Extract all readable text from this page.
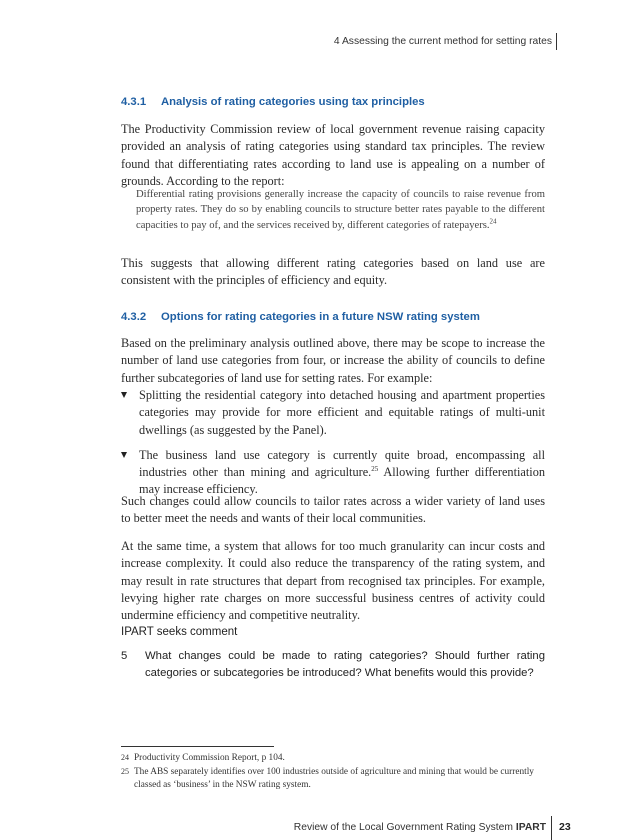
4 Assessing the current method for setting rates
4.3.1 Analysis of rating categories using tax principles

The Productivity Commission review of local government revenue raising capacity provided an analysis of rating categories using standard tax principles. The review found that differentiating rates according to land use is appealing on a number of grounds. According to the report:

Differential rating provisions generally increase the capacity of councils to raise revenue from property rates. They do so by enabling councils to structure better rates payable to the different capacities to pay of, and the services received by, different categories of ratepayers.$^{24}$

This suggests that allowing different rating categories based on land use are consistent with the principles of efficiency and equity.

4.3.2 Options for rating categories in a future NSW rating system

Based on the preliminary analysis outlined above, there may be scope to increase the number of land use categories from four, or increase the ability of councils to define further subcategories of land use for setting rates. For example:

Splitting the residential category into detached housing and apartment properties categories may provide for more efficient and equitable ratings of multi-unit dwellings (as suggested by the Panel).
The business land use category is currently quite broad, encompassing all industries other than mining and agriculture.$^{25}$ Allowing further differentiation may increase efficiency.

Such changes could allow councils to tailor rates across a wider variety of land uses to better meet the needs and wants of their local communities.

At the same time, a system that allows for too much granularity can incur costs and increase complexity. It could also reduce the transparency of the rating system, and may result in rate structures that depart from recognised tax principles. For example, levying higher rate charges on more successful business centres of activity could undermine efficiency and competitive neutrality.

IPART seeks comment
5 What changes could be made to rating categories? Should further rating categories or subcategories be introduced? What benefits would this provide?
24 Productivity Commission Report, p 104.
25 The ABS separately identifies over 100 industries outside of agriculture and mining that would be currently classed as ‘business’ in the NSW rating system.
Review of the Local Government Rating System IPART 23
